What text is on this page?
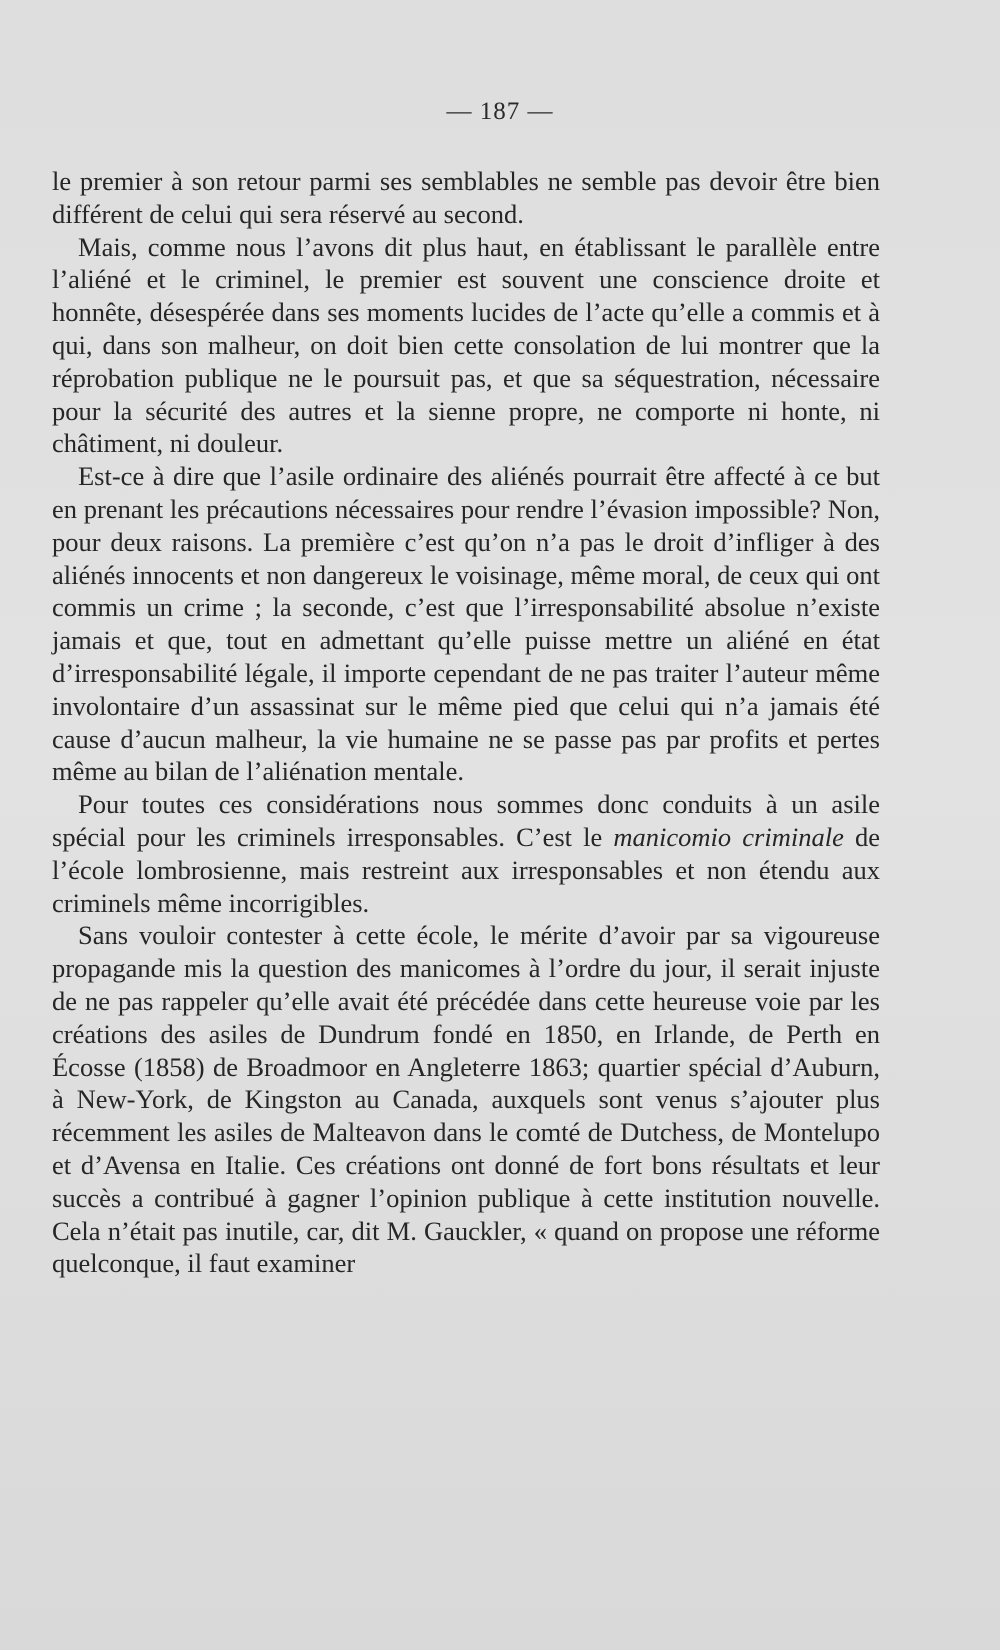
— 187 —

le premier à son retour parmi ses semblables ne semble pas devoir être bien différent de celui qui sera réservé au second.

Mais, comme nous l’avons dit plus haut, en établissant le parallèle entre l’aliéné et le criminel, le premier est souvent une conscience droite et honnête, désespérée dans ses moments lucides de l’acte qu’elle a commis et à qui, dans son malheur, on doit bien cette consolation de lui montrer que la réprobation publique ne le poursuit pas, et que sa séquestration, nécessaire pour la sécurité des autres et la sienne propre, ne comporte ni honte, ni châtiment, ni douleur.

Est-ce à dire que l’asile ordinaire des aliénés pourrait être affecté à ce but en prenant les précautions nécessaires pour rendre l’évasion impossible? Non, pour deux raisons. La première c’est qu’on n’a pas le droit d’infliger à des aliénés innocents et non dangereux le voisinage, même moral, de ceux qui ont commis un crime ; la seconde, c’est que l’irresponsabilité absolue n’existe jamais et que, tout en admettant qu’elle puisse mettre un aliéné en état d’irresponsabilité légale, il importe cependant de ne pas traiter l’auteur même involontaire d’un assassinat sur le même pied que celui qui n’a jamais été cause d’aucun malheur, la vie humaine ne se passe pas par profits et pertes même au bilan de l’aliénation mentale.

Pour toutes ces considérations nous sommes donc conduits à un asile spécial pour les criminels irresponsables. C’est le manicomio criminale de l’école lombrosienne, mais restreint aux irresponsables et non étendu aux criminels même incorrigibles.

Sans vouloir contester à cette école, le mérite d’avoir par sa vigoureuse propagande mis la question des manicomes à l’ordre du jour, il serait injuste de ne pas rappeler qu’elle avait été précédée dans cette heureuse voie par les créations des asiles de Dundrum fondé en 1850, en Irlande, de Perth en Écosse (1858) de Broadmoor en Angleterre 1863; quartier spécial d’Auburn, à New-York, de Kingston au Canada, auxquels sont venus s’ajouter plus récemment les asiles de Malteavon dans le comté de Dutchess, de Montelupo et d’Avensa en Italie. Ces créations ont donné de fort bons résultats et leur succès a contribué à gagner l’opinion publique à cette institution nouvelle. Cela n’était pas inutile, car, dit M. Gauckler, « quand on propose une réforme quelconque, il faut examiner
